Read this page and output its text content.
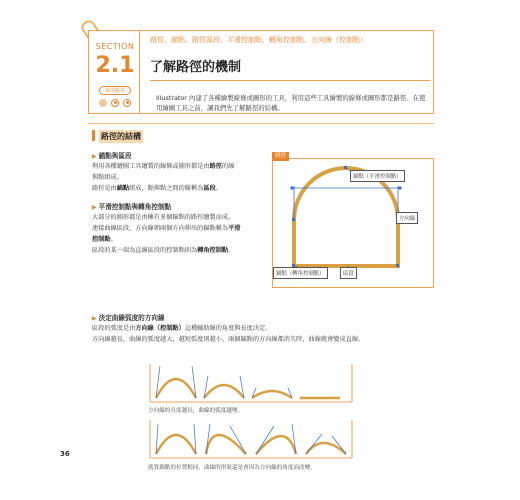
SECTION
2.1
使用頻率
路徑、錨點、路徑區段、平滑控制點、轉角控制點、方向線（控制點）
了解路徑的機制
Illustrator 內建了各種繪製線條或圖形的工具，利用這些工具繪製的線條或圖形都是路徑。在使用繪圖工具之前，讓我們先了解路徑的結構。
路徑的結構
▶ 錨點與區段
利用各種繪圖工具繪製的線條或圖形都是由路徑的線
與點組成。
路徑是由錨點組成，點與點之間的線稱為區段。
▶ 平滑控制點與轉角控制點
大部分的圖形都是由擁有多個錨點的路徑繪製而成。
連接曲線區段，方向線朝兩個方向伸出的錨點稱為平滑
控制點。
區段的某一端為直線區段的控制點則為轉角控制點。
路徑
錨點（平滑控制點）
方向線
錨點（轉角控制點）	區段
▶ 決定曲線弧度的方向線
區段的弧度是由方向線（控制點）這種輔助線的角度與長度決定。
方向線越長，曲線的弧度越大，越短弧度則越小。兩個錨點的方向線都消失時，曲線就會變成直線。
方向線的長度越長，曲線的弧度越彎。
就算錨點的位置相同，曲線的形狀還是會因為方向線的角度而改變。
36
